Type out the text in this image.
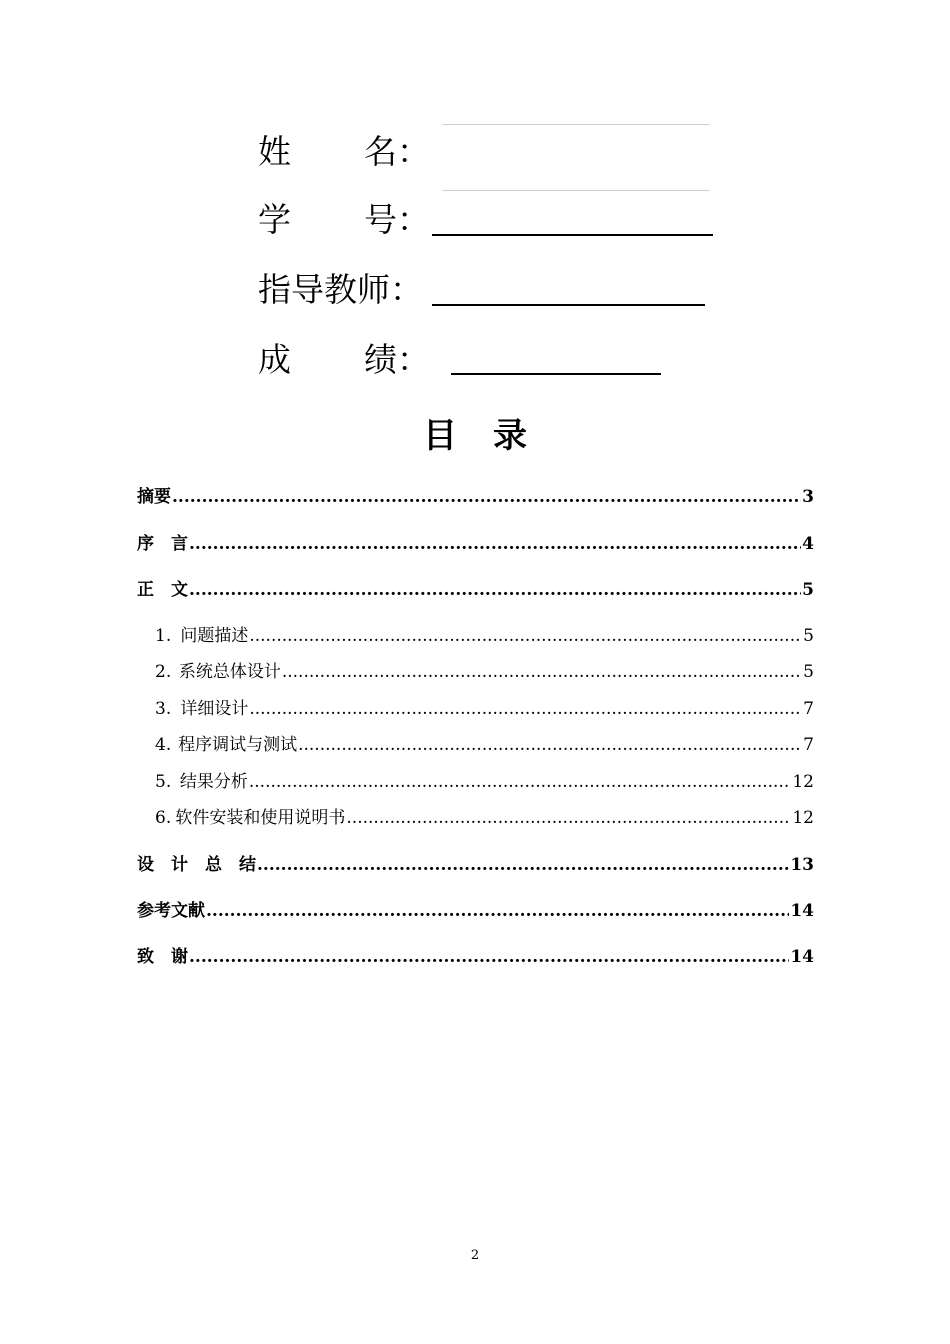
姓 名：
学 号：
指导教师：
成 绩：
目 录
摘要 .....	3
序　言 .....	4
正　文 .....	5
1. 问题描述 .....	5
2. 系统总体设计 .....	5
3. 详细设计 .....	7
4. 程序调试与测试 .....	7
5. 结果分析 .....	12
6. 软件安装和使用说明书 .....	12
设　计　总　结 .....	13
参考文献 .....	14
致　谢 .....	14
2
